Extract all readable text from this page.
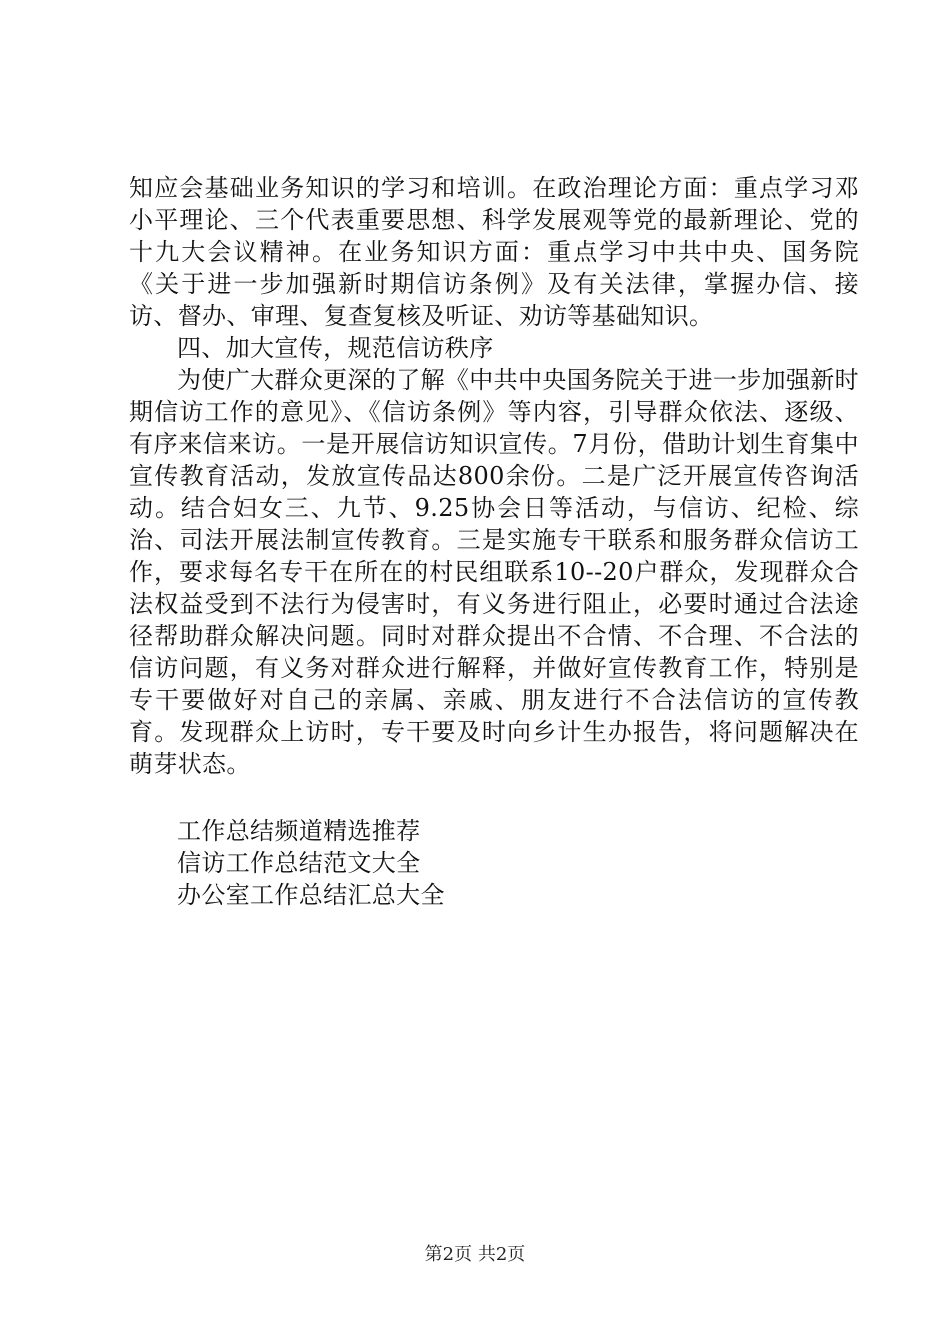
知应会基础业务知识的学习和培训。在政治理论方面：重点学习邓小平理论、三个代表重要思想、科学发展观等党的最新理论、党的十九大会议精神。在业务知识方面：重点学习中共中央、国务院《关于进一步加强新时期信访条例》及有关法律，掌握办信、接访、督办、审理、复查复核及听证、劝访等基础知识。

四、加大宣传，规范信访秩序

为使广大群众更深的了解《中共中央国务院关于进一步加强新时期信访工作的意见》、《信访条例》等内容，引导群众依法、逐级、有序来信来访。一是开展信访知识宣传。7月份，借助计划生育集中宣传教育活动，发放宣传品达800余份。二是广泛开展宣传咨询活动。结合妇女三、九节、9.25协会日等活动，与信访、纪检、综治、司法开展法制宣传教育。三是实施专干联系和服务群众信访工作，要求每名专干在所在的村民组联系10--20户群众，发现群众合法权益受到不法行为侵害时，有义务进行阻止，必要时通过合法途径帮助群众解决问题。同时对群众提出不合情、不合理、不合法的信访问题，有义务对群众进行解释，并做好宣传教育工作，特别是专干要做好对自己的亲属、亲戚、朋友进行不合法信访的宣传教育。发现群众上访时，专干要及时向乡计生办报告，将问题解决在萌芽状态。

工作总结频道精选推荐
信访工作总结范文大全
办公室工作总结汇总大全
第2页 共2页
